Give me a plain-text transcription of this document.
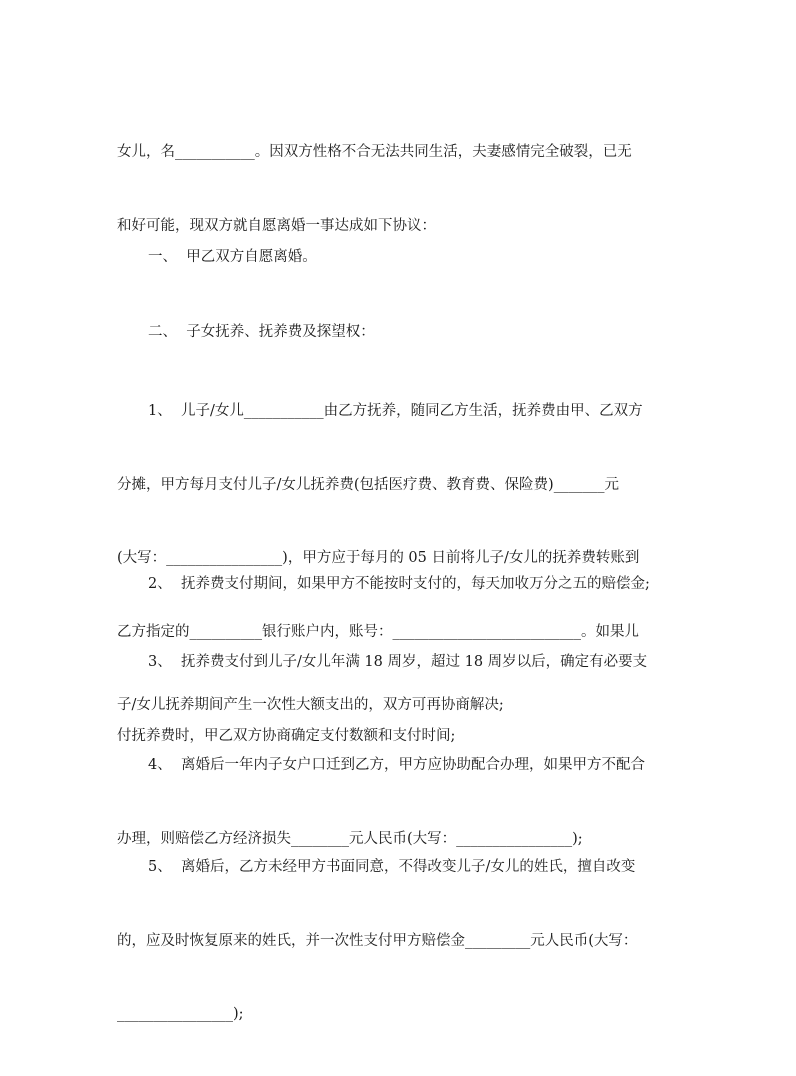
女儿，名___________。因双方性格不合无法共同生活，夫妻感情完全破裂，已无

和好可能，现双方就自愿离婚一事达成如下协议：

一、  甲乙双方自愿离婚。

二、  子女抚养、抚养费及探望权：

1、  儿子/女儿___________由乙方抚养，随同乙方生活，抚养费由甲、乙双方

分摊，甲方每月支付儿子/女儿抚养费(包括医疗费、教育费、保险费)_______元

(大写：________________)，甲方应于每月的 05 日前将儿子/女儿的抚养费转账到

乙方指定的__________银行账户内，账号：__________________________。如果儿

子/女儿抚养期间产生一次性大额支出的，双方可再协商解决;

2、  抚养费支付期间，如果甲方不能按时支付的，每天加收万分之五的赔偿金;

3、  抚养费支付到儿子/女儿年满 18 周岁，超过 18 周岁以后，确定有必要支

付抚养费时，甲乙双方协商确定支付数额和支付时间;

4、  离婚后一年内子女户口迁到乙方，甲方应协助配合办理，如果甲方不配合

办理，则赔偿乙方经济损失________元人民币(大写：________________);

5、  离婚后，乙方未经甲方书面同意，不得改变儿子/女儿的姓氏，擅自改变

的，应及时恢复原来的姓氏，并一次性支付甲方赔偿金_________元人民币(大写：

________________);
